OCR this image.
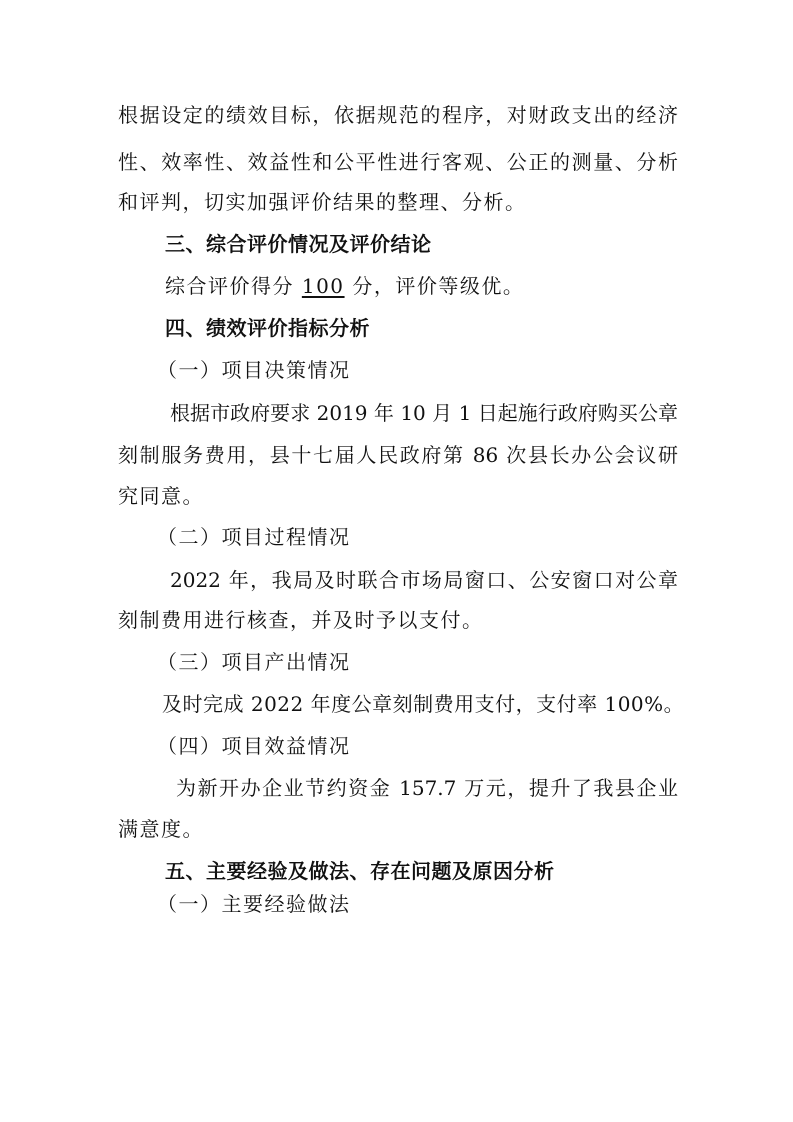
根据设定的绩效目标，依据规范的程序，对财政支出的经济
性、效率性、效益性和公平性进行客观、公正的测量、分析
和评判，切实加强评价结果的整理、分析。
三、综合评价情况及评价结论
综合评价得分 100 分，评价等级优。
四、绩效评价指标分析
（一）项目决策情况
根据市政府要求 2019 年 10 月 1 日起施行政府购买公章
刻制服务费用，县十七届人民政府第 86 次县长办公会议研
究同意。
（二）项目过程情况
2022 年，我局及时联合市场局窗口、公安窗口对公章
刻制费用进行核查，并及时予以支付。
（三）项目产出情况
及时完成 2022 年度公章刻制费用支付，支付率 100%。
（四）项目效益情况
为新开办企业节约资金 157.7 万元，提升了我县企业
满意度。
五、主要经验及做法、存在问题及原因分析
（一）主要经验做法
